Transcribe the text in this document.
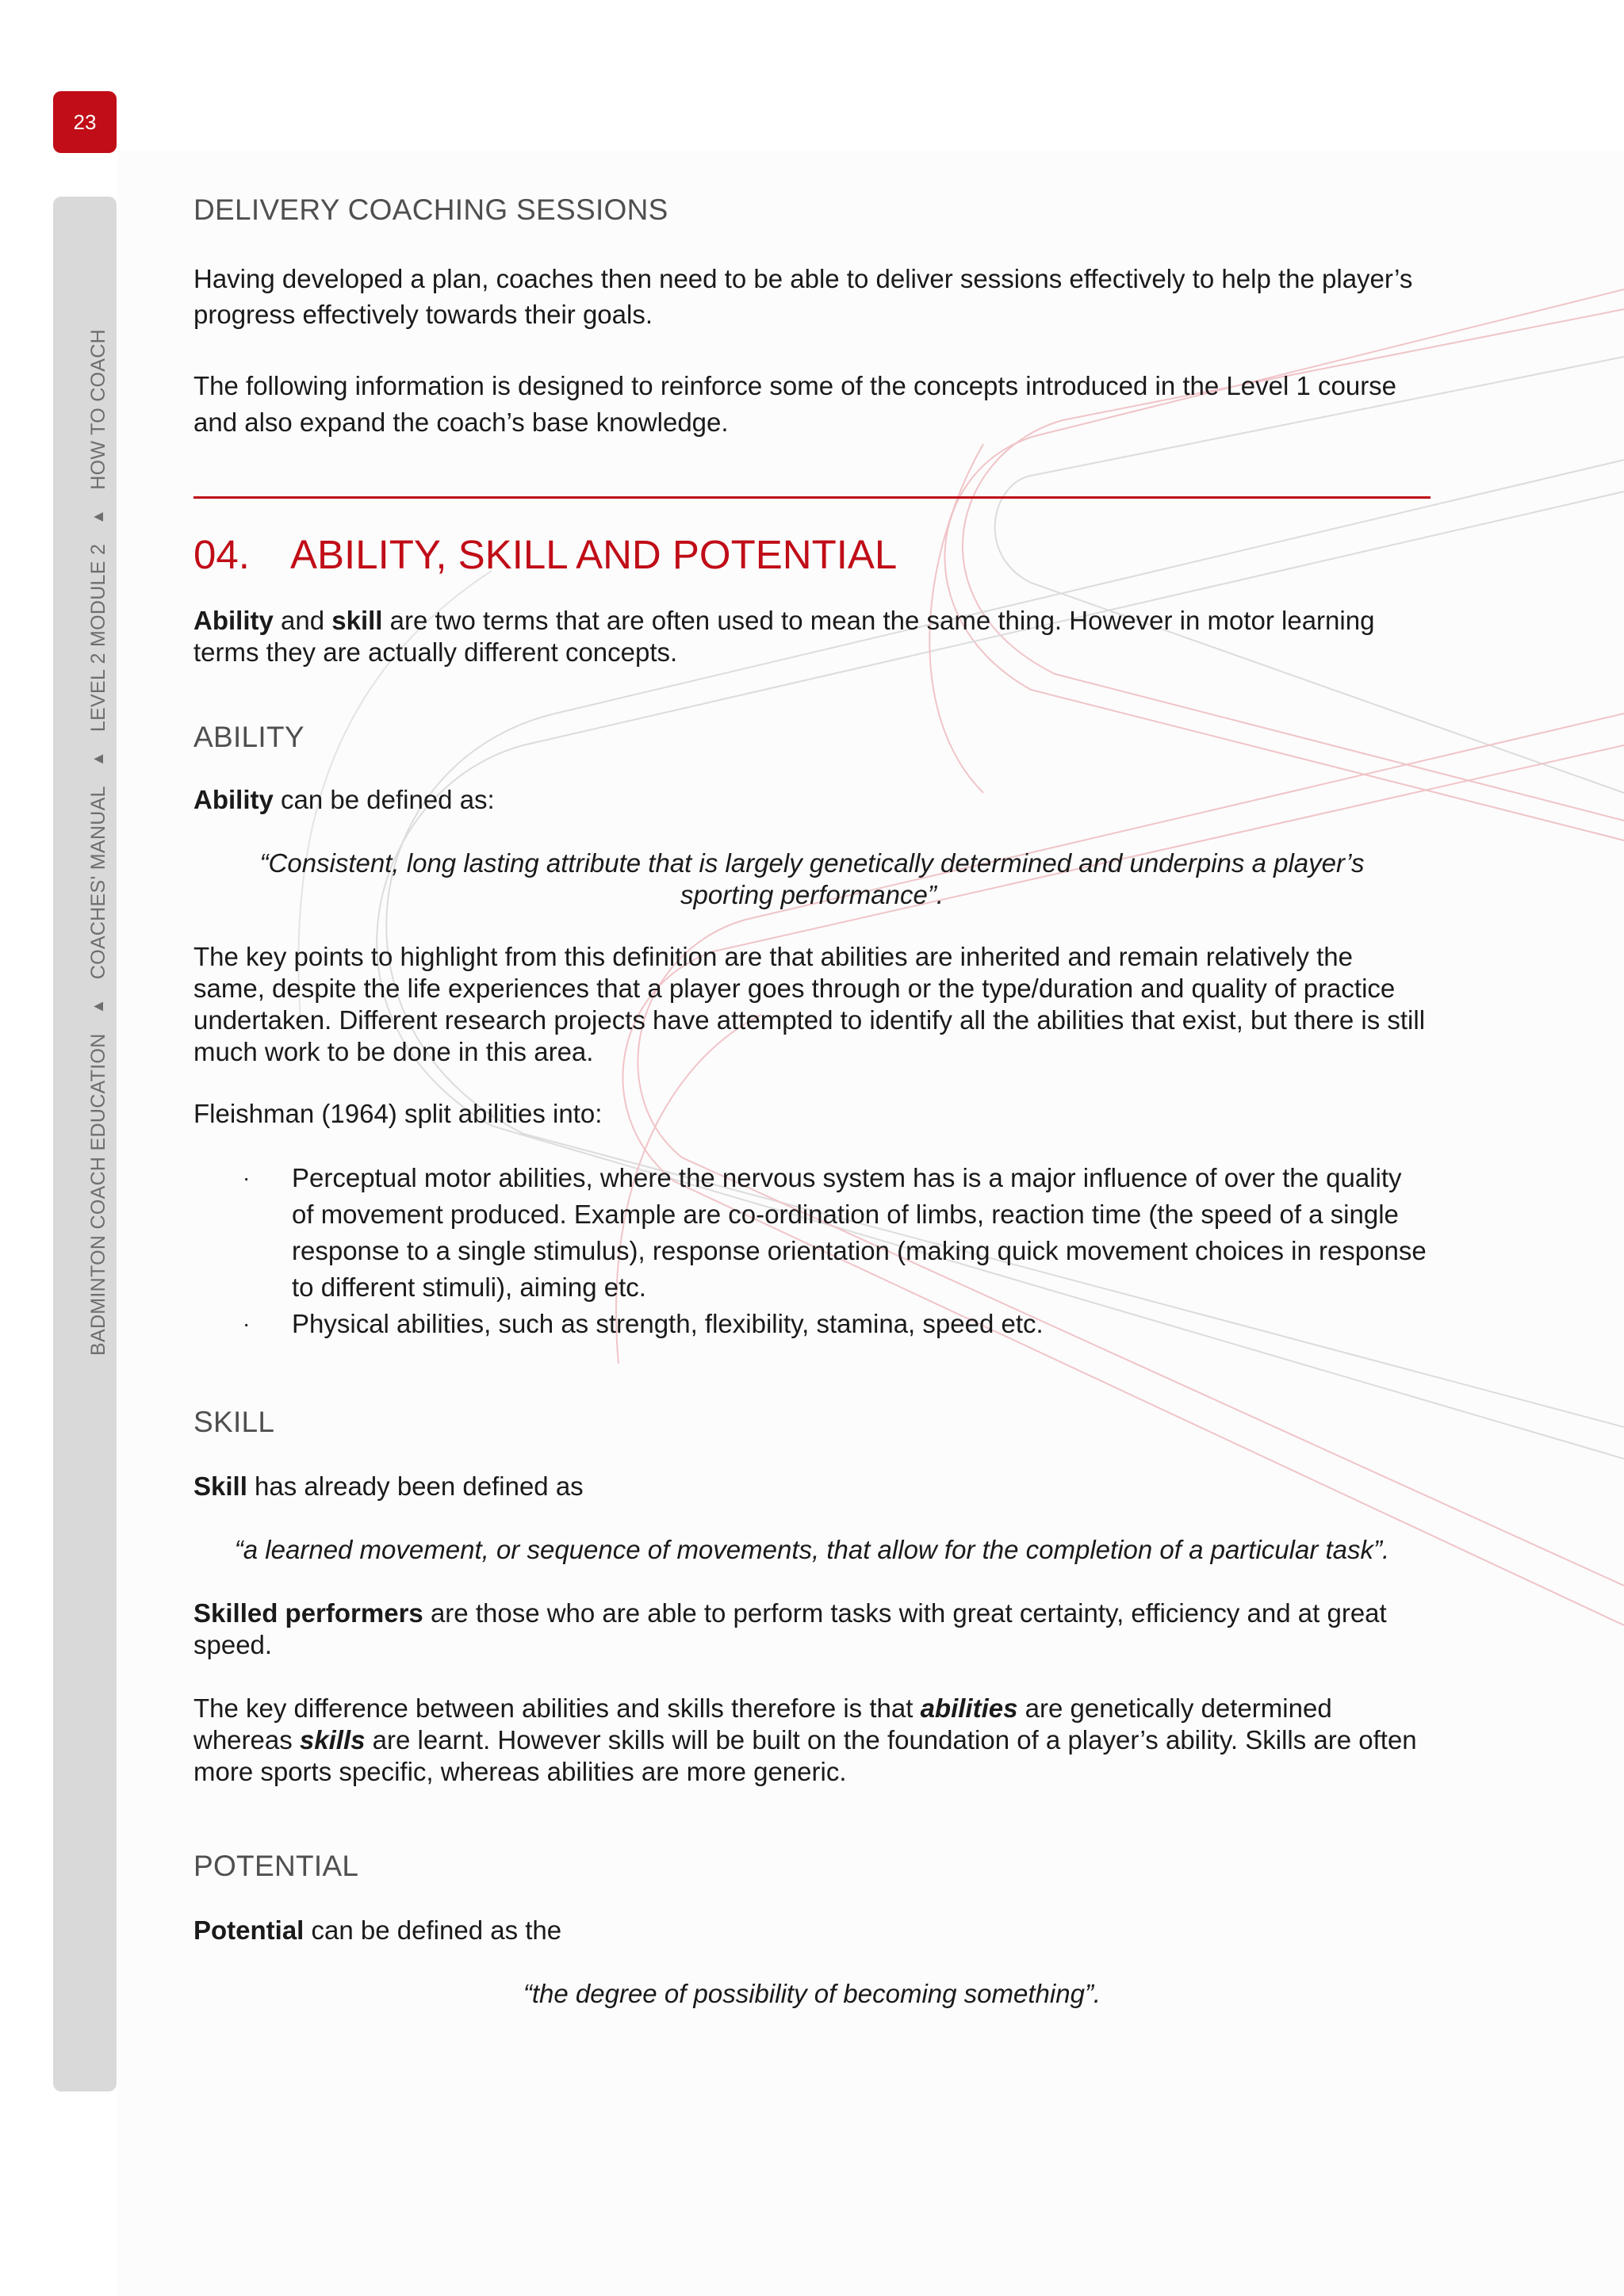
23
BADMINTON COACH EDUCATION
▲
COACHES' MANUAL
▲
LEVEL 2 MODULE 2
▲
HOW TO COACH
DELIVERY COACHING SESSIONS

Having developed a plan, coaches then need to be able to deliver sessions effectively to help the player’s progress effectively towards their goals.

The following information is designed to reinforce some of the concepts introduced in the Level 1 course and also expand the coach’s base knowledge.

04.	ABILITY, SKILL AND POTENTIAL

Ability and skill are two terms that are often used to mean the same thing. However in motor learning terms they are actually different concepts.

ABILITY

Ability can be defined as:

“Consistent, long lasting attribute that is largely genetically determined and underpins a player’s sporting performance”.

The key points to highlight from this definition are that abilities are inherited and remain relatively the same, despite the life experiences that a player goes through or the type/duration and quality of practice undertaken. Different research projects have attempted to identify all the abilities that exist, but there is still much work to be done in this area.

Fleishman (1964) split abilities into:

· Perceptual motor abilities, where the nervous system has is a major influence of over the quality of movement produced. Example are co-ordination of limbs, reaction time (the speed of a single response to a single stimulus), response orientation (making quick movement choices in response to different stimuli), aiming etc.
· Physical abilities, such as strength, flexibility, stamina, speed etc.
SKILL

Skill has already been defined as

“a learned movement, or sequence of movements, that allow for the completion of a particular task”.

Skilled performers are those who are able to perform tasks with great certainty, efficiency and at great speed.

The key difference between abilities and skills therefore is that abilities are genetically determined whereas skills are learnt. However skills will be built on the foundation of a player’s ability. Skills are often more sports specific, whereas abilities are more generic.

POTENTIAL

Potential can be defined as the

“the degree of possibility of becoming something”.
